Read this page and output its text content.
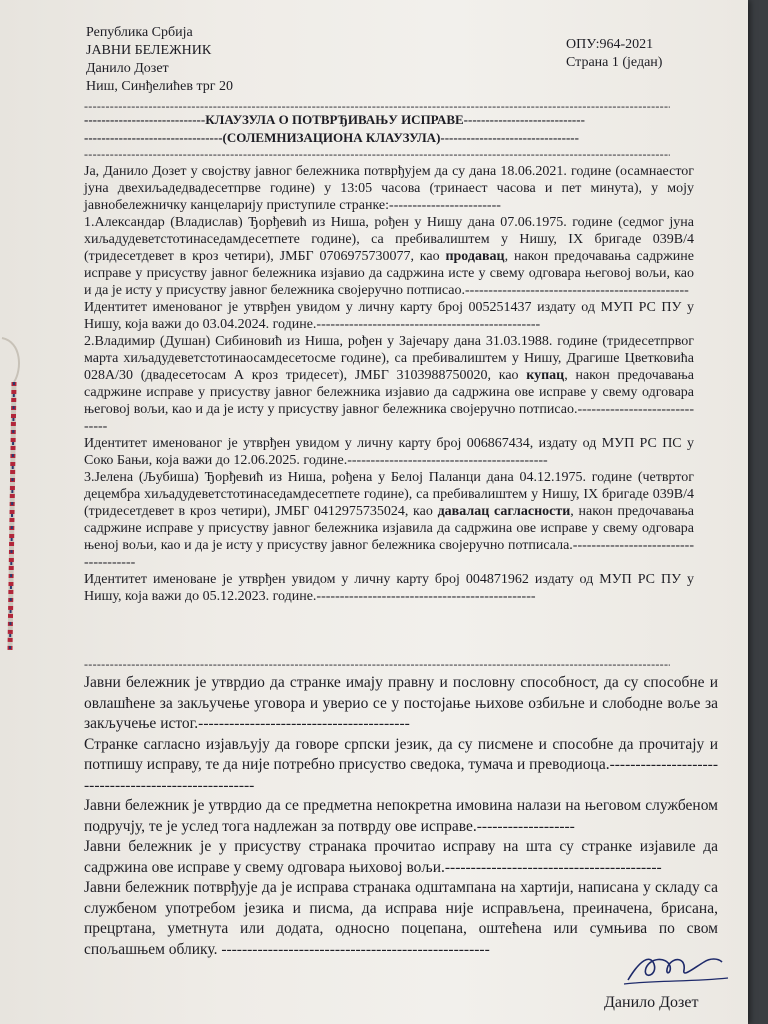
Република Србија
ЈАВНИ БЕЛЕЖНИК
Данило Дозет
Ниш, Синђелићев трг 20
ОПУ:964-2021
Страна 1 (један)
-----
----------------------------КЛАУЗУЛА О ПОТВРЂИВАЊУ ИСПРАВЕ----------------------------
--------------------------------(СОЛЕМНИЗАЦИОНА КЛАУЗУЛА)--------------------------------
-----

Ја, Данило Дозет у својству јавног бележника потврђујем да су дана 18.06.2021. године (осамнаестог јуна двехиљадедвадесетпрве године) у 13:05 часова (тринаест часова и пет минута), у мoју јавнобележничку канцеларију приступиле странке:------------------------

1.Александар (Владислав) Ђорђевић из Ниша, рођен у Нишу дана 07.06.1975. године (седмог јуна хиљадудеветстотинаседамдесетпете године), са пребивалиштем у Нишу, IX бригаде 039В/4 (тридесетдевет в кроз четири), ЈМБГ 0706975730077, као продавац, након предочавања садржине исправе у присуству јавног бележника изјавио да садржина исте у свему одговара његовој вољи, као и да је исту у присуству јавног бележника својеручно потписао.------------------------------------------------

Идентитет именованог је утврђен увидом у личну карту број 005251437 издату од МУП РС ПУ у Нишу, која важи до 03.04.2024. године.------------------------------------------------

2.Владимир (Душан) Сибиновић из Ниша, рођен у Зајечару дана 31.03.1988. године (тридесетпрвог марта хиљадудеветстотинаосамдесетосме године), са пребивалиштем у Нишу, Драгише Цветковића 028А/30 (двадесетосам А кроз тридесет), ЈМБГ 3103988750020, као купац, након предочавања садржине исправе у присуству јавног бележника изјавио да садржина ове исправе у свему одговара његовој вољи, као и да је исту у присуству јавног бележника својеручно потписао.------------------------------

Идентитет именованог је утврђен увидом у личну карту број 006867434, издату од МУП РС ПС у Соко Бањи, која важи до 12.06.2025. године.-------------------------------------------

3.Јелена (Љубиша) Ђорђевић из Ниша, рођена у Белој Паланци дана 04.12.1975. године (четвртог децембра хиљадудеветстотинаседамдесетпете године), са пребивалиштем у Нишу, IX бригаде 039В/4 (тридесетдевет в кроз четири), ЈМБГ 0412975735024, као давалац сагласности, након предочавања садржине исправе у присуству јавног бележника изјавила да садржина ове исправе у свему одговара њеној вољи, као и да је исту у присуству јавног бележника својеручно потписала.-------------------------------------

Идентитет именоване је утврђен увидом у личну карту број 004871962 издату од МУП РС ПУ у Нишу, која важи до 05.12.2023. године.-----------------------------------------------

-----

Јавни бележник је утврдио да странке имају правну и пословну способност, да су способне и овлашћене за закључење уговора и уверио се у постојање њихове озбиљне и слободне воље за закључење истог.-----------------------------------------

Странке сагласно изјављују да говоре српски језик, да су писмене и способне да прочитају и потпишу исправу, те да није потребно присуство сведока, тумача и преводиоца.------------------------------------------------------

Јавни бележник је утврдио да се предметна непокретна имовина налази на његовом службеном подручју, те је услед тога надлежан за потврду ове исправе.-------------------

Јавни бележник је у присуству странака прочитао исправу на шта су странке изјавиле да садржина ове исправе у свему одговара њиховој вољи.------------------------------------------

Јавни бележник потврђује да је исправа странака одштампана на хартији, написана у складу са службеном употребом језика и писма, да исправа није исправљена, преиначена, брисана, прецртана, уметнута или додата, односно поцепана, оштећена или сумњива по свом спољашњем облику. ----------------------------------------------------

Данило Дозет
